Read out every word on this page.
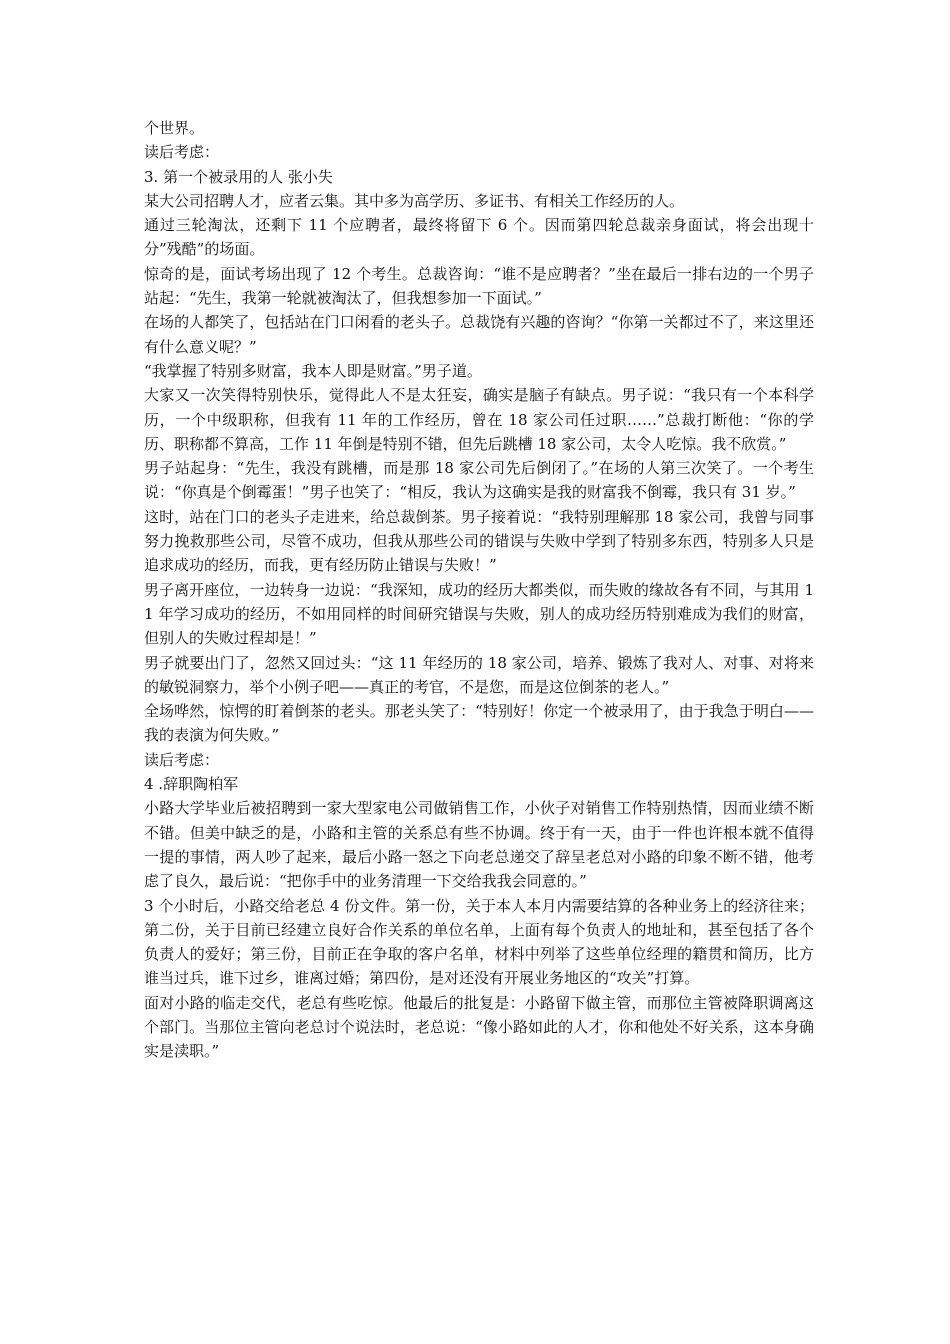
个世界。

读后考虑：

3. 第一个被录用的人 张小失

某大公司招聘人才，应者云集。其中多为高学历、多证书、有相关工作经历的人。

通过三轮淘汰，还剩下 11 个应聘者，最终将留下 6 个。因而第四轮总裁亲身面试，将会出现十分”残酷”的场面。

惊奇的是，面试考场出现了 12 个考生。总裁咨询：“谁不是应聘者？”坐在最后一排右边的一个男子站起：“先生，我第一轮就被淘汰了，但我想参加一下面试。”

在场的人都笑了，包括站在门口闲看的老头子。总裁饶有兴趣的咨询？“你第一关都过不了，来这里还有什么意义呢？”

“我掌握了特别多财富，我本人即是财富。”男子道。

大家又一次笑得特别快乐，觉得此人不是太狂妄，确实是脑子有缺点。男子说：“我只有一个本科学历，一个中级职称，但我有 11 年的工作经历，曾在 18 家公司任过职……”总裁打断他：“你的学历、职称都不算高，工作 11 年倒是特别不错，但先后跳槽 18 家公司，太令人吃惊。我不欣赏。”

男子站起身：“先生，我没有跳槽，而是那 18 家公司先后倒闭了。”在场的人第三次笑了。一个考生说：“你真是个倒霉蛋！”男子也笑了：“相反，我认为这确实是我的财富我不倒霉，我只有 31 岁。”

这时，站在门口的老头子走进来，给总裁倒茶。男子接着说：“我特别理解那 18 家公司，我曾与同事努力挽救那些公司，尽管不成功，但我从那些公司的错误与失败中学到了特别多东西，特别多人只是追求成功的经历，而我，更有经历防止错误与失败！”

男子离开座位，一边转身一边说：“我深知，成功的经历大都类似，而失败的缘故各有不同，与其用 11 年学习成功的经历，不如用同样的时间研究错误与失败，别人的成功经历特别难成为我们的财富，但别人的失败过程却是！”

男子就要出门了，忽然又回过头：“这 11 年经历的 18 家公司，培养、锻炼了我对人、对事、对将来的敏锐洞察力，举个小例子吧——真正的考官，不是您，而是这位倒茶的老人。”

全场哗然，惊愕的盯着倒茶的老头。那老头笑了：“特别好！你定一个被录用了，由于我急于明白——我的表演为何失败。”

读后考虑：

4 .辞职陶柏军

小路大学毕业后被招聘到一家大型家电公司做销售工作，小伙子对销售工作特别热情，因而业绩不断不错。但美中缺乏的是，小路和主管的关系总有些不协调。终于有一天，由于一件也许根本就不值得一提的事情，两人吵了起来，最后小路一怒之下向老总递交了辞呈老总对小路的印象不断不错，他考虑了良久，最后说：“把你手中的业务清理一下交给我我会同意的。”

3 个小时后，小路交给老总 4 份文件。第一份，关于本人本月内需要结算的各种业务上的经济往来；第二份，关于目前已经建立良好合作关系的单位名单，上面有每个负责人的地址和，甚至包括了各个负责人的爱好；第三份，目前正在争取的客户名单，材料中列举了这些单位经理的籍贯和简历，比方谁当过兵，谁下过乡，谁离过婚；第四份，是对还没有开展业务地区的“攻关”打算。

面对小路的临走交代，老总有些吃惊。他最后的批复是：小路留下做主管，而那位主管被降职调离这个部门。当那位主管向老总讨个说法时，老总说：“像小路如此的人才，你和他处不好关系，这本身确实是渎职。”
